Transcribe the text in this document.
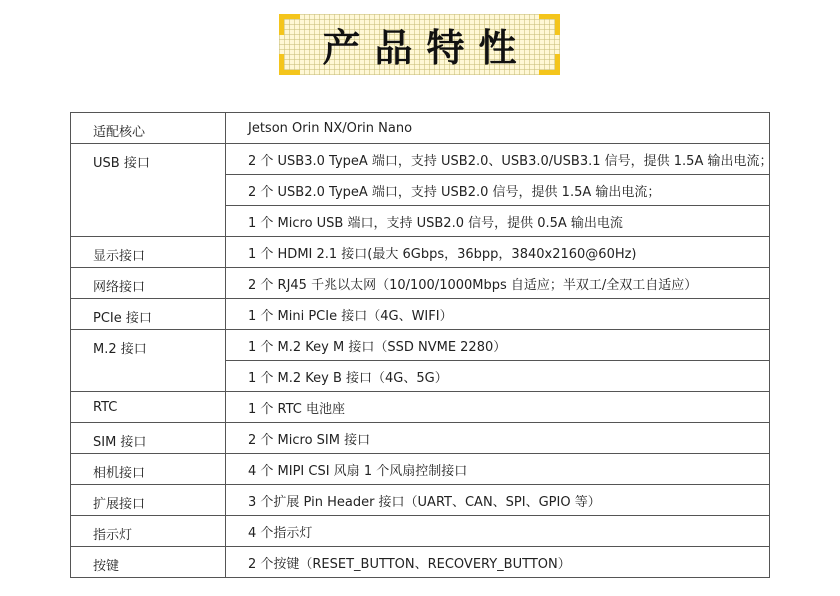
产品特性
适配核心	Jetson Orin NX/Orin Nano
USB 接口	2 个 USB3.0 TypeA 端口，支持 USB2.0、USB3.0/USB3.1 信号，提供 1.5A 输出电流；
	2 个 USB2.0 TypeA 端口，支持 USB2.0 信号，提供 1.5A 输出电流；
	1 个 Micro USB 端口，支持 USB2.0 信号，提供 0.5A 输出电流
显示接口	1 个 HDMI 2.1 接口(最大 6Gbps，36bpp，3840x2160@60Hz)
网络接口	2 个 RJ45 千兆以太网（10/100/1000Mbps 自适应；半双工/全双工自适应）
PCIe 接口	1 个 Mini PCIe 接口（4G、WIFI）
M.2 接口	1 个 M.2 Key M 接口（SSD NVME 2280）
	1 个 M.2 Key B 接口（4G、5G）
RTC	1 个 RTC 电池座
SIM 接口	2 个 Micro SIM 接口
相机接口	4 个 MIPI CSI 风扇 1 个风扇控制接口
扩展接口	3 个扩展 Pin Header 接口（UART、CAN、SPI、GPIO 等）
指示灯	4 个指示灯
按键	2 个按键（RESET_BUTTON、RECOVERY_BUTTON）
